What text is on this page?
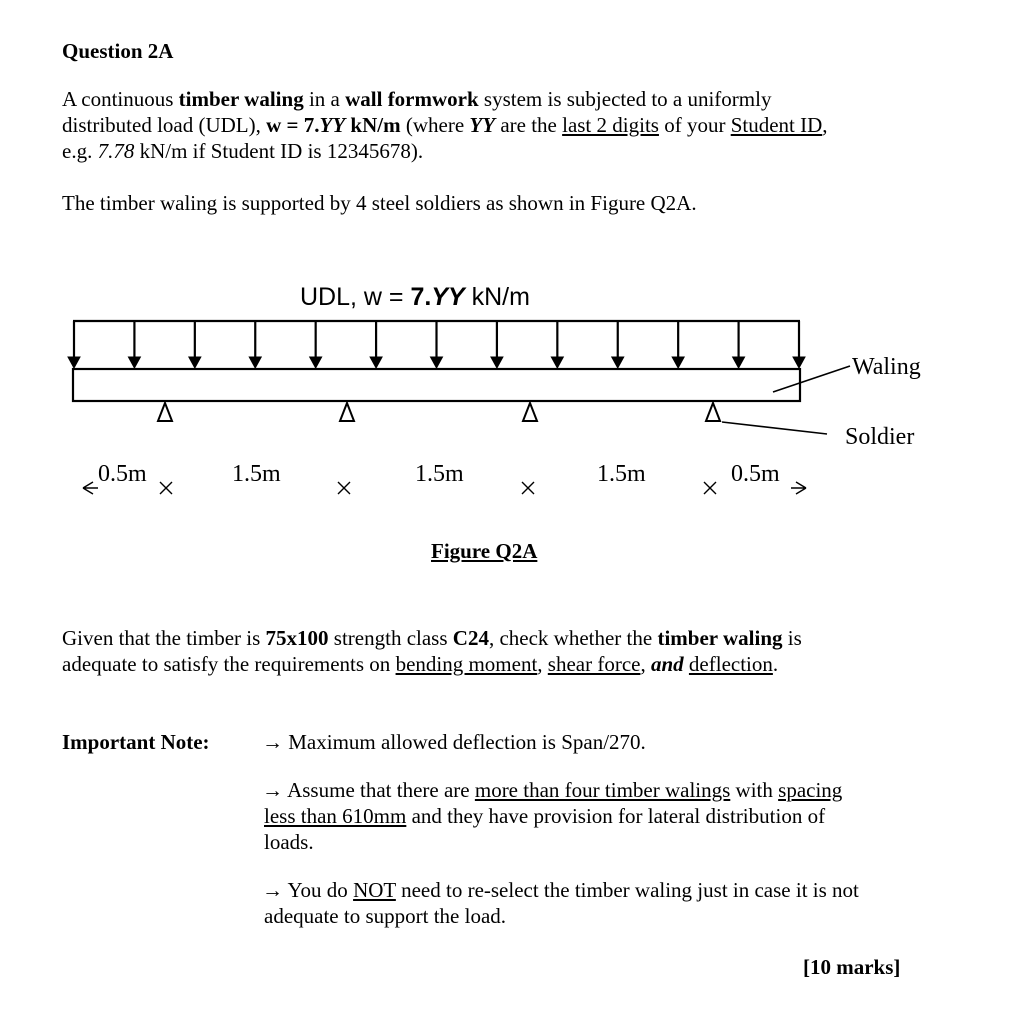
Question 2A
A continuous timber waling in a wall formwork system is subjected to a uniformly
distributed load (UDL), w = 7.YY kN/m (where YY are the last 2 digits of your Student ID,
e.g. 7.78 kN/m if Student ID is 12345678).
The timber waling is supported by 4 steel soldiers as shown in Figure Q2A.
UDL, w = 7.YY kN/m
Waling
Soldier
0.5m	1.5m	1.5m	1.5m	0.5m
Figure Q2A
Given that the timber is 75x100 strength class C24, check whether the timber waling is
adequate to satisfy the requirements on bending moment, shear force, and deflection.
Important Note: → Maximum allowed deflection is Span/270.
→ Assume that there are more than four timber walings with spacing
less than 610mm and they have provision for lateral distribution of
loads.
→ You do NOT need to re-select the timber waling just in case it is not
adequate to support the load.
[10 marks]
